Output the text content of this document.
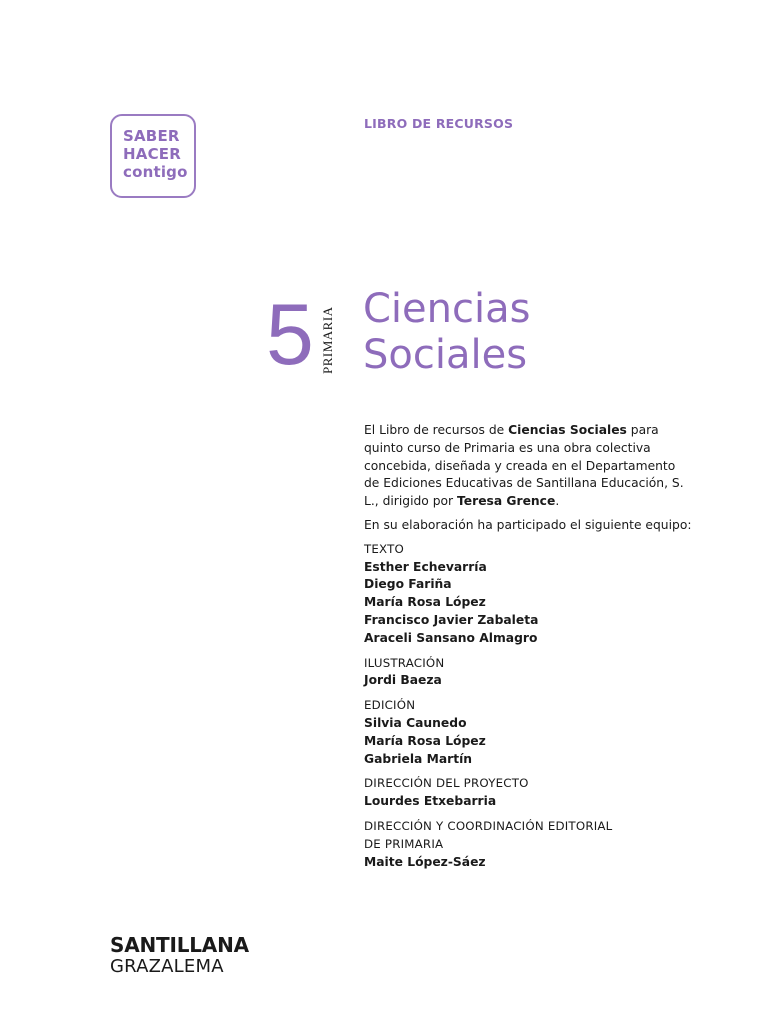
SABER
HACER
contigo
LIBRO DE RECURSOS
5 PRIMARIA Ciencias
Sociales

El Libro de recursos de Ciencias Sociales para quinto curso de Primaria es una obra colectiva concebida, diseñada y creada en el Departamento de Ediciones Educativas de Santillana Educación, S. L., dirigido por Teresa Grence.

En su elaboración ha participado el siguiente equipo:

TEXTO
Esther Echevarría
Diego Fariña
María Rosa López
Francisco Javier Zabaleta
Araceli Sansano Almagro
ILUSTRACIÓN
Jordi Baeza
EDICIÓN
Silvia Caunedo
María Rosa López
Gabriela Martín
DIRECCIÓN DEL PROYECTO
Lourdes Etxebarria
DIRECCIÓN Y COORDINACIÓN EDITORIAL
DE PRIMARIA
Maite López-Sáez
SANTILLANA
GRAZALEMA
